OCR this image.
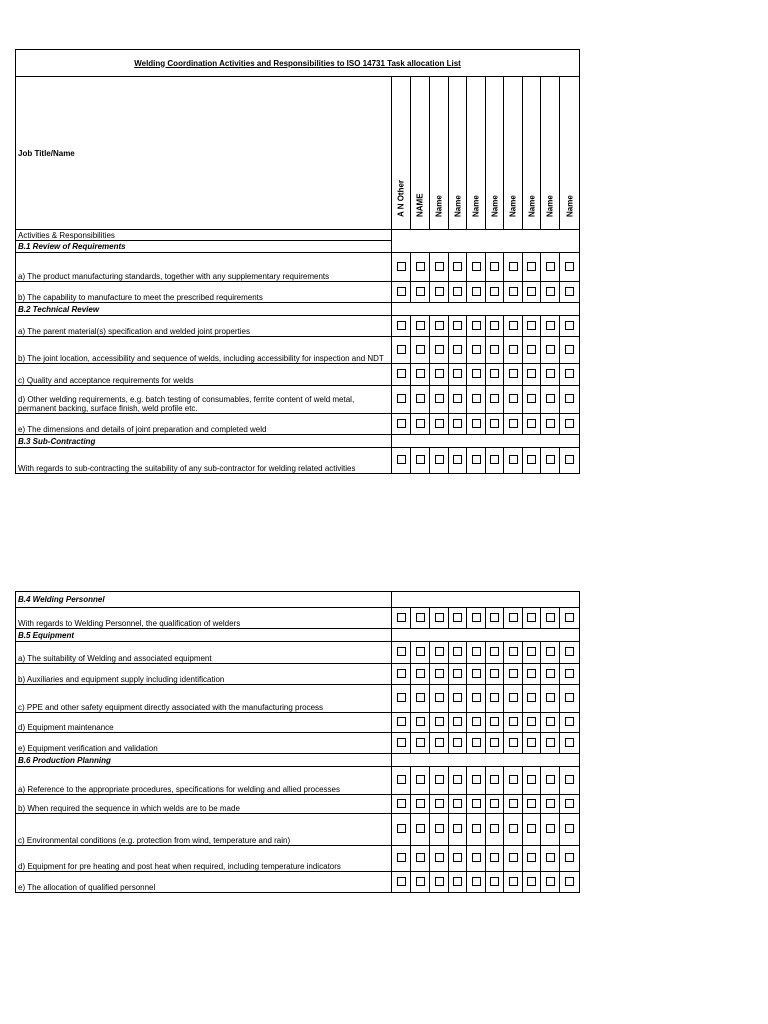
Welding Coordination Activities and Responsibilities to ISO 14731 Task allocation List										
Job Title/Name	A N Other	NAME	Name	Name	Name	Name	Name	Name	Name	Name

Activities & Responsibilities										
B.1 Review of Requirements										
a) The product manufacturing standards, together with any supplementary requirements										
b) The capability to manufacture to meet the prescribed requirements										
B.2 Technical Review										
a) The parent material(s) specification and welded joint properties										
b) The joint location, accessibility and sequence of welds, including accessibility for inspection and NDT										
c) Quality and acceptance requirements for welds										
d) Other welding requirements, e.g. batch testing of consumables, ferrite content of weld metal, permanent backing, surface finish, weld profile etc.										
e) The dimensions and details of joint preparation and completed weld										
B.3 Sub-Contracting										
With regards to sub-contracting the suitability of any sub-contractor for welding related activities										
B.4 Welding Personnel										
With regards to Welding Personnel, the qualification of welders										
B.5 Equipment										
a) The suitability of Welding and associated equipment										
b) Auxiliaries and equipment supply including identification										
c) PPE and other safety equipment directly associated with the manufacturing process										
d) Equipment maintenance										
e) Equipment verification and validation										
B.6 Production Planning										
a) Reference to the appropriate procedures, specifications for welding and allied processes										
b) When required the sequence in which welds are to be made										
c) Environmental conditions (e.g. protection from wind, temperature and rain)										
d) Equipment for pre heating and post heat when required, including temperature indicators										
e) The allocation of qualified personnel										
